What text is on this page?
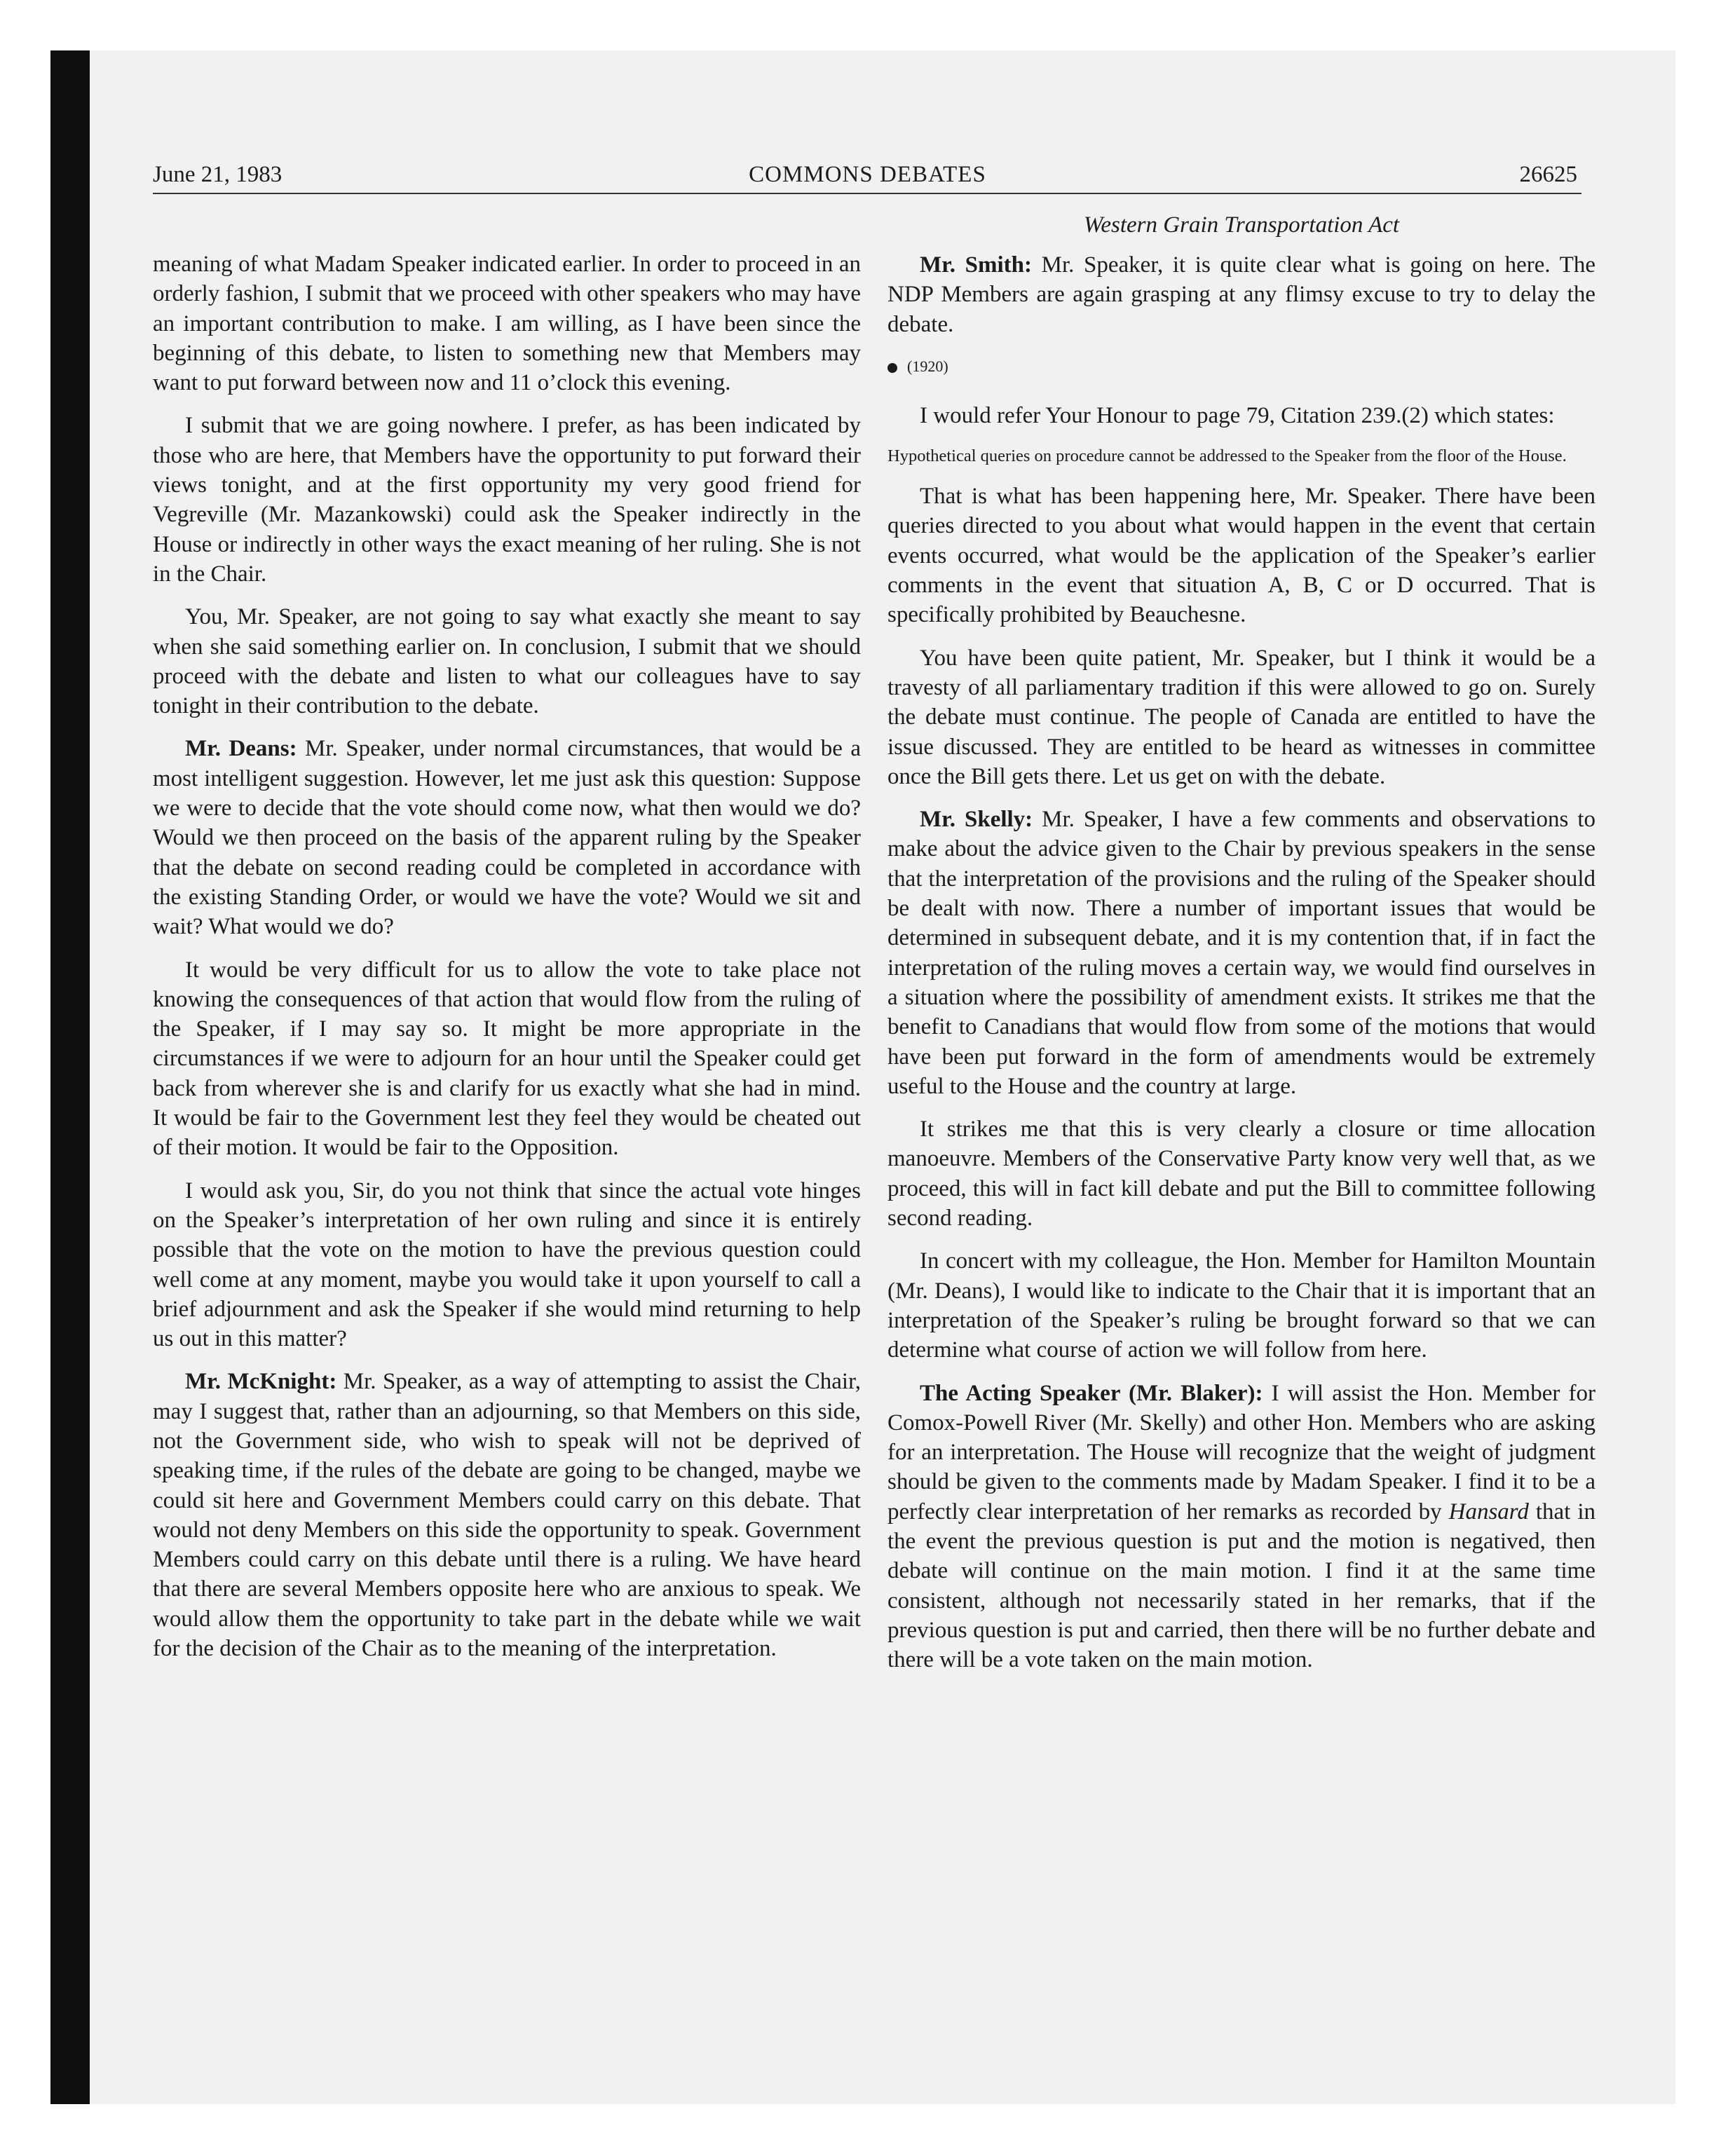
June 21, 1983	COMMONS DEBATES	26625
Western Grain Transportation Act

meaning of what Madam Speaker indicated earlier. In order to proceed in an orderly fashion, I submit that we proceed with other speakers who may have an important contribution to make. I am willing, as I have been since the beginning of this debate, to listen to something new that Members may want to put forward between now and 11 o’clock this evening.

I submit that we are going nowhere. I prefer, as has been indicated by those who are here, that Members have the opportunity to put forward their views tonight, and at the first opportunity my very good friend for Vegreville (Mr. Mazankowski) could ask the Speaker indirectly in the House or indirectly in other ways the exact meaning of her ruling. She is not in the Chair.

You, Mr. Speaker, are not going to say what exactly she meant to say when she said something earlier on. In conclusion, I submit that we should proceed with the debate and listen to what our colleagues have to say tonight in their contribution to the debate.

Mr. Deans: Mr. Speaker, under normal circumstances, that would be a most intelligent suggestion. However, let me just ask this question: Suppose we were to decide that the vote should come now, what then would we do? Would we then proceed on the basis of the apparent ruling by the Speaker that the debate on second reading could be completed in accordance with the existing Standing Order, or would we have the vote? Would we sit and wait? What would we do?

It would be very difficult for us to allow the vote to take place not knowing the consequences of that action that would flow from the ruling of the Speaker, if I may say so. It might be more appropriate in the circumstances if we were to adjourn for an hour until the Speaker could get back from wherever she is and clarify for us exactly what she had in mind. It would be fair to the Government lest they feel they would be cheated out of their motion. It would be fair to the Opposition.

I would ask you, Sir, do you not think that since the actual vote hinges on the Speaker’s interpretation of her own ruling and since it is entirely possible that the vote on the motion to have the previous question could well come at any moment, maybe you would take it upon yourself to call a brief adjournment and ask the Speaker if she would mind returning to help us out in this matter?

Mr. McKnight: Mr. Speaker, as a way of attempting to assist the Chair, may I suggest that, rather than an adjourning, so that Members on this side, not the Government side, who wish to speak will not be deprived of speaking time, if the rules of the debate are going to be changed, maybe we could sit here and Government Members could carry on this debate. That would not deny Members on this side the opportunity to speak. Government Members could carry on this debate until there is a ruling. We have heard that there are several Members opposite here who are anxious to speak. We would allow them the opportunity to take part in the debate while we wait for the decision of the Chair as to the meaning of the interpretation.

Mr. Smith: Mr. Speaker, it is quite clear what is going on here. The NDP Members are again grasping at any flimsy excuse to try to delay the debate.

(1920)

I would refer Your Honour to page 79, Citation 239.(2) which states:

Hypothetical queries on procedure cannot be addressed to the Speaker from the floor of the House.

That is what has been happening here, Mr. Speaker. There have been queries directed to you about what would happen in the event that certain events occurred, what would be the application of the Speaker’s earlier comments in the event that situation A, B, C or D occurred. That is specifically prohibited by Beauchesne.

You have been quite patient, Mr. Speaker, but I think it would be a travesty of all parliamentary tradition if this were allowed to go on. Surely the debate must continue. The people of Canada are entitled to have the issue discussed. They are entitled to be heard as witnesses in committee once the Bill gets there. Let us get on with the debate.

Mr. Skelly: Mr. Speaker, I have a few comments and observations to make about the advice given to the Chair by previous speakers in the sense that the interpretation of the provisions and the ruling of the Speaker should be dealt with now. There a number of important issues that would be determined in subsequent debate, and it is my contention that, if in fact the interpretation of the ruling moves a certain way, we would find ourselves in a situation where the possibility of amendment exists. It strikes me that the benefit to Canadians that would flow from some of the motions that would have been put forward in the form of amendments would be extremely useful to the House and the country at large.

It strikes me that this is very clearly a closure or time allocation manoeuvre. Members of the Conservative Party know very well that, as we proceed, this will in fact kill debate and put the Bill to committee following second reading.

In concert with my colleague, the Hon. Member for Hamilton Mountain (Mr. Deans), I would like to indicate to the Chair that it is important that an interpretation of the Speaker’s ruling be brought forward so that we can determine what course of action we will follow from here.

The Acting Speaker (Mr. Blaker): I will assist the Hon. Member for Comox-Powell River (Mr. Skelly) and other Hon. Members who are asking for an interpretation. The House will recognize that the weight of judgment should be given to the comments made by Madam Speaker. I find it to be a perfectly clear interpretation of her remarks as recorded by Hansard that in the event the previous question is put and the motion is negatived, then debate will continue on the main motion. I find it at the same time consistent, although not necessarily stated in her remarks, that if the previous question is put and carried, then there will be no further debate and there will be a vote taken on the main motion.
